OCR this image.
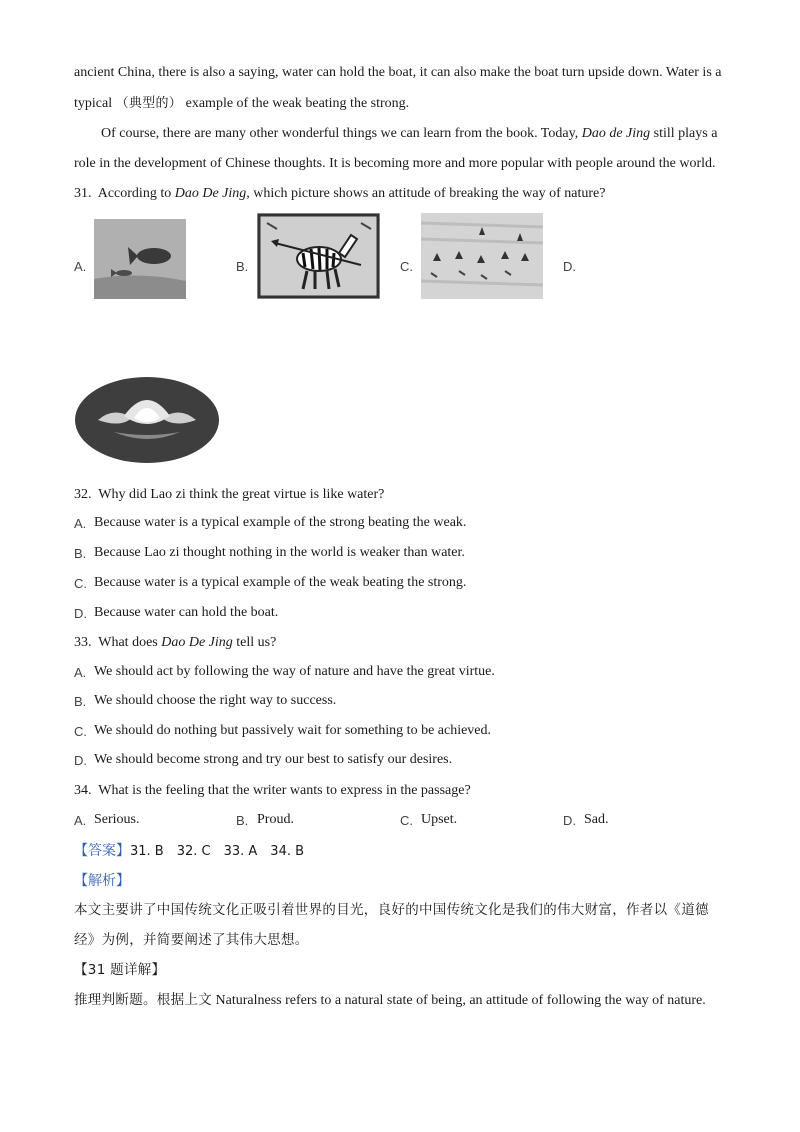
ancient China, there is also a saying, water can hold the boat, it can also make the boat turn upside down. Water is a
typical （典型的） example of the weak beating the strong.
Of course, there are many other wonderful things we can learn from the book. Today, Dao de Jing still plays a
role in the development of Chinese thoughts. It is becoming more and more popular with people around the world.
31. According to Dao De Jing, which picture shows an attitude of breaking the way of nature?
A.	B.	C.	D.
32. Why did Lao zi think the great virtue is like water?
A. Because water is a typical example of the strong beating the weak.
B. Because Lao zi thought nothing in the world is weaker than water.
C. Because water is a typical example of the weak beating the strong.
D. Because water can hold the boat.
33. What does Dao De Jing tell us?
A. We should act by following the way of nature and have the great virtue.
B. We should choose the right way to success.
C. We should do nothing but passively wait for something to be achieved.
D. We should become strong and try our best to satisfy our desires.
34. What is the feeling that the writer wants to express in the passage?
A. Serious.	B. Proud.	C. Upset.	D. Sad.
【答案】31. B　32. C　33. A　34. B
【解析】
本文主要讲了中国传统文化正吸引着世界的目光，良好的中国传统文化是我们的伟大财富，作者以《道德
经》为例，并简要阐述了其伟大思想。
【31 题详解】
推理判断题。根据上文 Naturalness refers to a natural state of being, an attitude of following the way of nature.
